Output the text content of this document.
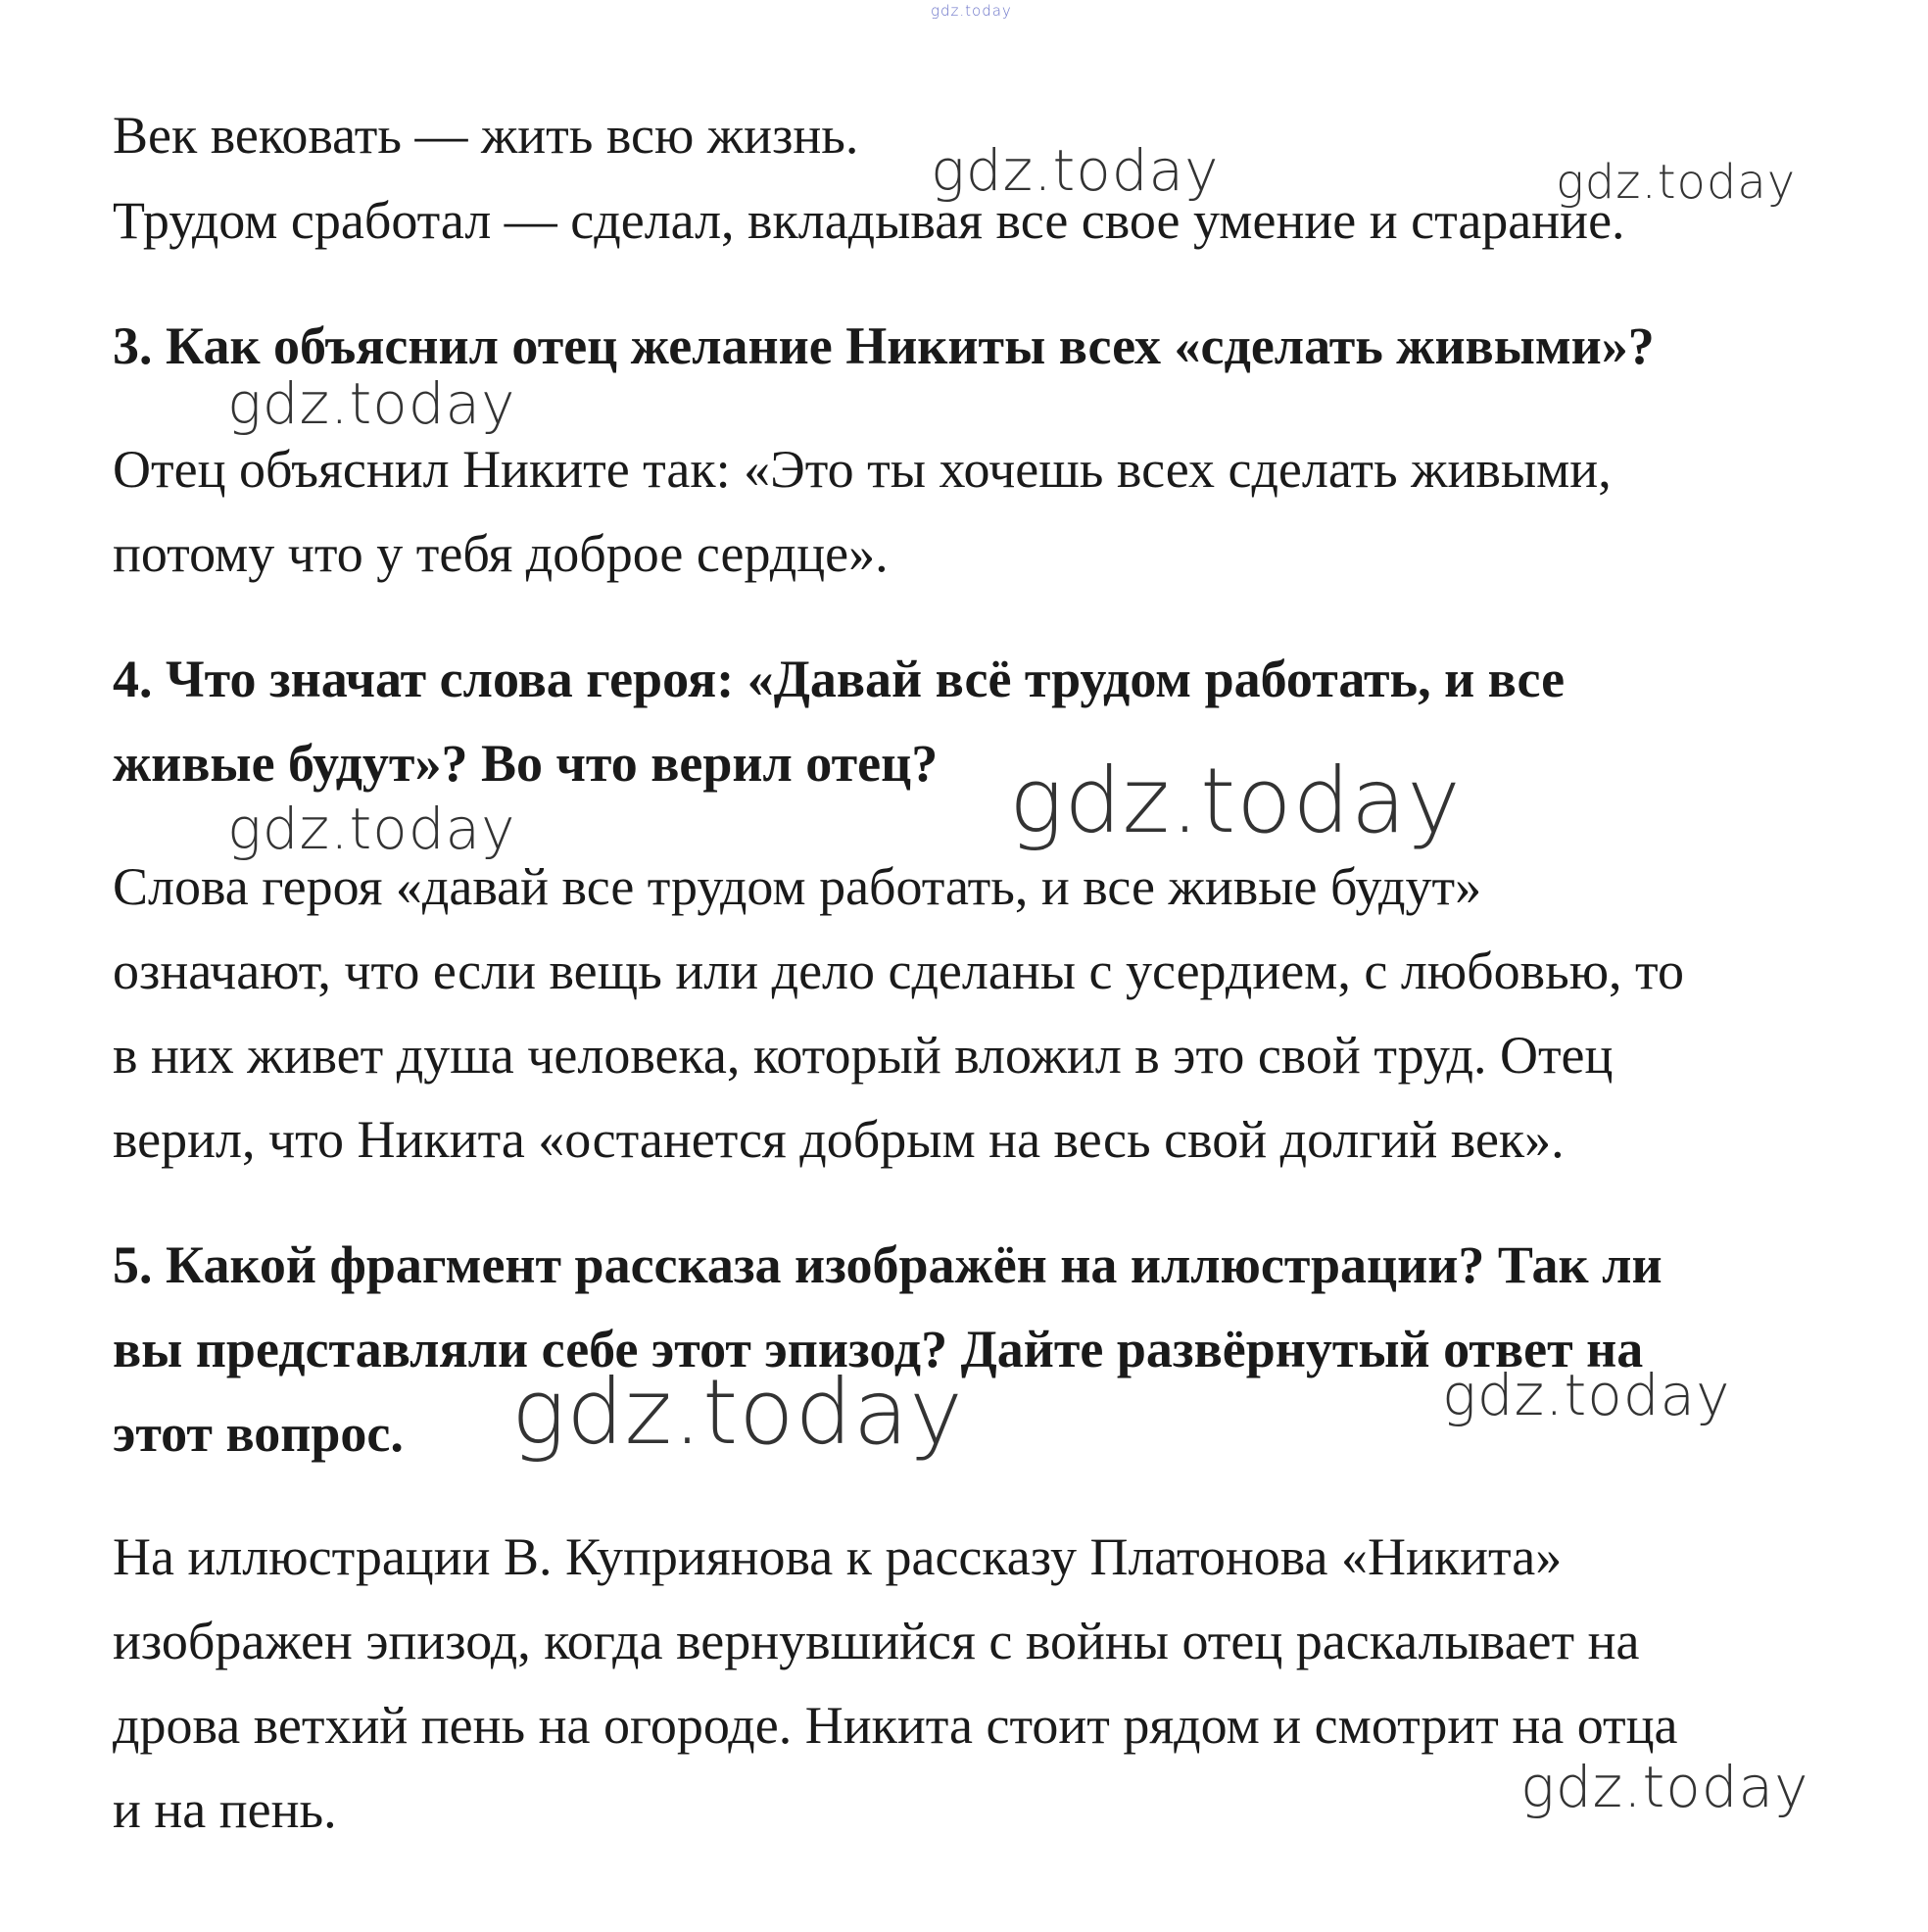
Век вековать — жить всю жизнь.

Трудом сработал — сделал, вкладывая все свое умение и старание.

3. Как объяснил отец желание Никиты всех «сделать живыми»?

Отец объяснил Никите так: «Это ты хочешь всех сделать живыми,

потому что у тебя доброе сердце».

4. Что значат слова героя: «Давай всё трудом работать, и все

живые будут»? Во что верил отец?

Слова героя «давай все трудом работать, и все живые будут»

означают, что если вещь или дело сделаны с усердием, с любовью, то

в них живет душа человека, который вложил в это свой труд. Отец

верил, что Никита «останется добрым на весь свой долгий век».

5. Какой фрагмент рассказа изображён на иллюстрации? Так ли

вы представляли себе этот эпизод? Дайте развёрнутый ответ на

этот вопрос.

На иллюстрации В. Куприянова к рассказу Платонова «Никита»

изображен эпизод, когда вернувшийся с войны отец раскалывает на

дрова ветхий пень на огороде. Никита стоит рядом и смотрит на отца

и на пень.

gdz.today
gdz.today	gdz.today
gdz.today
gdz.today
gdz.today
gdz.today	gdz.today
gdz.today
